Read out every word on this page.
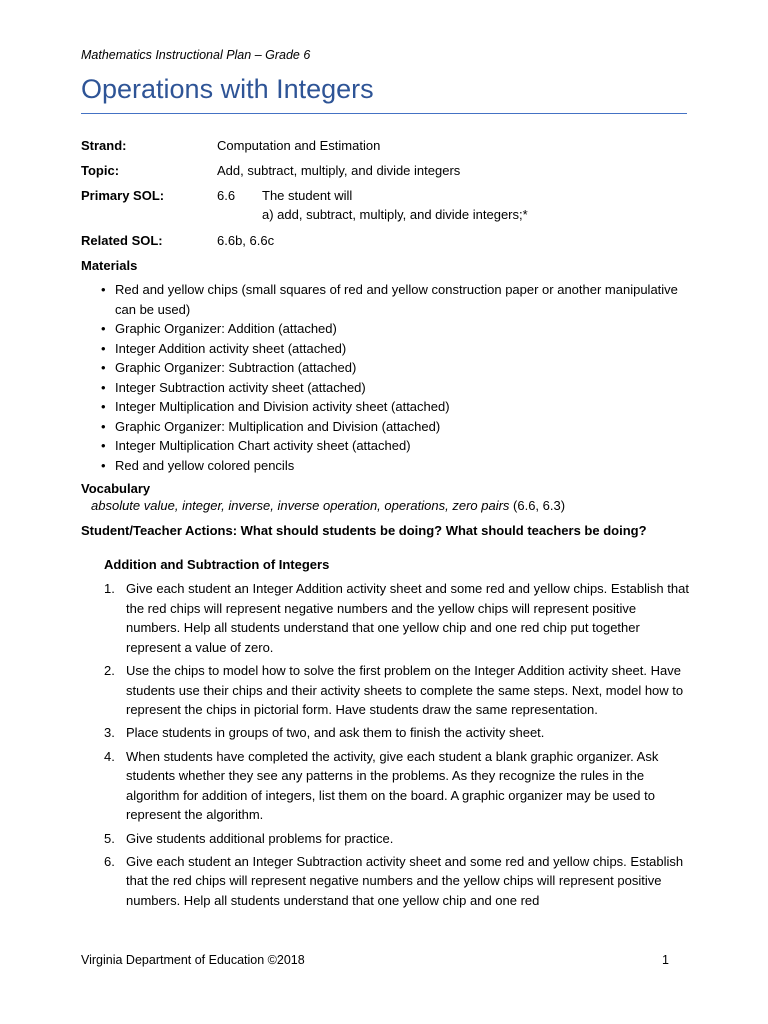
Mathematics Instructional Plan – Grade 6
Operations with Integers
Strand:	Computation and Estimation
Topic:	Add, subtract, multiply, and divide integers
Primary SOL:	6.6 The student will
a) add, subtract, multiply, and divide integers;*
Related SOL:	6.6b, 6.6c
Materials
• Red and yellow chips (small squares of red and yellow construction paper or another manipulative can be used)
• Graphic Organizer: Addition (attached)
• Integer Addition activity sheet (attached)
• Graphic Organizer: Subtraction (attached)
• Integer Subtraction activity sheet (attached)
• Integer Multiplication and Division activity sheet (attached)
• Graphic Organizer: Multiplication and Division (attached)
• Integer Multiplication Chart activity sheet (attached)
• Red and yellow colored pencils
Vocabulary
absolute value, integer, inverse, inverse operation, operations, zero pairs (6.6, 6.3)
Student/Teacher Actions: What should students be doing? What should teachers be doing?
Addition and Subtraction of Integers
1. Give each student an Integer Addition activity sheet and some red and yellow chips. Establish that the red chips will represent negative numbers and the yellow chips will represent positive numbers. Help all students understand that one yellow chip and one red chip put together represent a value of zero.
2. Use the chips to model how to solve the first problem on the Integer Addition activity sheet. Have students use their chips and their activity sheets to complete the same steps. Next, model how to represent the chips in pictorial form. Have students draw the same representation.
3. Place students in groups of two, and ask them to finish the activity sheet.
4. When students have completed the activity, give each student a blank graphic organizer. Ask students whether they see any patterns in the problems. As they recognize the rules in the algorithm for addition of integers, list them on the board. A graphic organizer may be used to represent the algorithm.
5. Give students additional problems for practice.
6. Give each student an Integer Subtraction activity sheet and some red and yellow chips. Establish that the red chips will represent negative numbers and the yellow chips will represent positive numbers. Help all students understand that one yellow chip and one red
Virginia Department of Education ©2018	1
